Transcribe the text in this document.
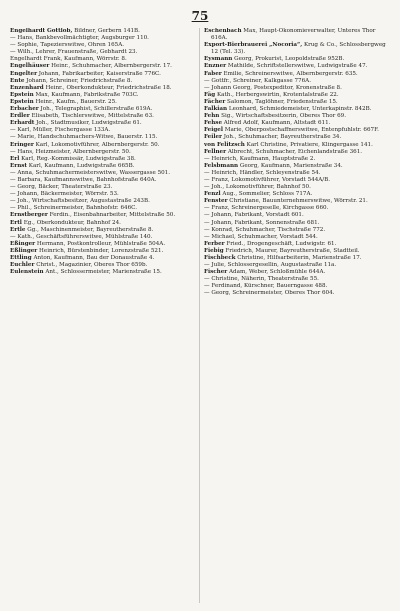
75
Engelhardt Gottlob, Bildner, Gerbern 141B.
— Hans, Bankbevollmächtigter, Augsburger 110.
— Sophie, Tapezierswitwe, Ohren 165A.
— Wilh., Lehrer, Frauenstraße, Gebhardt 23.
Engelhardt Frank, Kaufmann, Wörrstr. 8.
Engelhäuser Heinr., Schuhmacher, Albernbergerstr. 17.
Engelter Johann, Fabrikarbeiter, Kaiserstraße 776C.
Ente Johann, Schreiner, Friedrichstraße 8.
Enzenhard Heinr., Oberkondukteur, Friedrichstraße 18.
Epstein Max, Kaufmann, Fabrikstraße 703C.
Epstein Heinr., Kaufm., Bauerstr. 25.
Erbacher Joh., Telegraphist, Schillerstraße 619A.
Erdler Elisabeth, Tischlerswitwe, Mittelstraße 63.
Erhardt Joh., Stadtmusiker, Ludwigstraße 61.
— Karl, Müller, Fischergasse 133A.
— Marie, Handschuhmachers-Witwe, Bauerstr. 115.
Eringer Karl, Lokomotivführer, Albernbergerstr. 50.
— Hans, Heizmeister, Albernbergerstr. 50.
Erl Karl, Reg.-Kommissär, Ludwigstraße 38.
Ernst Karl, Kaufmann, Ludwigstraße 665B.
— Anna, Schuhmachermeisterswitwe, Wassergasse 501.
— Barbara, Kaufmannswitwe, Bahnhofstraße 640A.
— Georg, Bäcker, Theaterstraße 23.
— Johann, Bäckermeister, Wörrstr. 53.
— Joh., Wirtschaftsbesitzer, Augustastraße 243B.
— Phil., Schreinermeister, Bahnhofstr. 646C.
Ernstberger Ferdin., Eisenbahnarbeiter, Mittelstraße 50.
Ertl Eg., Oberkondukteur, Bahnhof 24.
Ertle Gg., Maschinenmeister, Bayreutherstraße 8.
— Kath., Geschäftsführerswitwe, Mühlstraße 140.
Eßinger Hermann, Postkontrolleur, Mühlstraße 504A.
Eßlinger Heinrich, Bürstenbinder, Lorenzstraße 521.
Ettling Anton, Kaufmann, Bau der Donaustraße 4.
Euchler Christ., Magazinier, Oberes Thor 659b.
Eulenstein Ant., Schlossermeister, Marienstraße 15.
Eschenbach Max, Haupt-Ökonomieverwalter, Unteres Thor 616A.
Export-Bierbrauerei „Nocoria“, Krug & Co., Schlossbergweg 12 (Tel. 33).
Eysmann Georg, Prokurist, Leopoldstraße 952B.
Enzner Mathilde, Schriftstellerswitwe, Ludwigstraße 47.
Faber Emilie, Schreinerswitwe, Albernbergerstr. 635.
— Gottfr., Schreiner, Kalkgasse 776A.
— Johann Georg, Postexpeditor, Kronenstraße 8.
Fäg Kath., Herbergswirtin, Krotentalstraße 22.
Fächer Salomon, Taglöhner, Friedenstraße 15.
Falkian Leonhard, Schmiedemeister, Unterkapinstr. 842B.
Fehn Sig., Wirtschaftsbesitzerin, Oberes Thor 69.
Fehse Alfred Adolf, Kaufmann, Altstadt 611.
Feigel Marie, Oberpostschaffnerswitwe, Entenpfuhlstr. 667F.
Feiler Joh., Schuhmacher, Bayreutherstraße 34.
von Felitzsch Karl Christine, Privatiere, Klingergasse 141.
Fellner Albrecht, Schuhmacher, Eichenlandstraße 361.
— Heinrich, Kaufmann, Hauptstraße 2.
Felsbmann Georg, Kaufmann, Marienstraße 34.
— Heinrich, Händler, Schleyenstraße 54.
— Franz, Lokomotivführer, Vorstadt 544A/B.
— Joh., Lokomotivführer, Bahnhof 50.
Fenzl Aug., Sommelier, Schloss 717A.
Fenster Christiane, Bauunternehmerswitwe, Wörrstr. 21.
— Franz, Schreinergeselle, Kirchgasse 660.
— Johann, Fabrikant, Vorstadt 601.
— Johann, Fabrikant, Sonnenstraße 681.
— Konrad, Schuhmacher, Tischstraße 772.
— Michael, Schuhmacher, Vorstadt 544.
Ferber Fried., Drogengeschäft, Ludwigstr. 61.
Fiebig Friedrich, Maurer, Bayreutherstraße, Stadtteil.
Fischbeck Christine, Hilfsarbeiterin, Marienstraße 17.
— Julie, Schlossergesellin, Augustastraße 11a.
Fischer Adam, Weber, Schloßmühle 644A.
— Christine, Näherin, Theaterstraße 55.
— Ferdinand, Kürschner, Bauerngasse 488.
— Georg, Schreinermeister, Oberes Thor 604.
